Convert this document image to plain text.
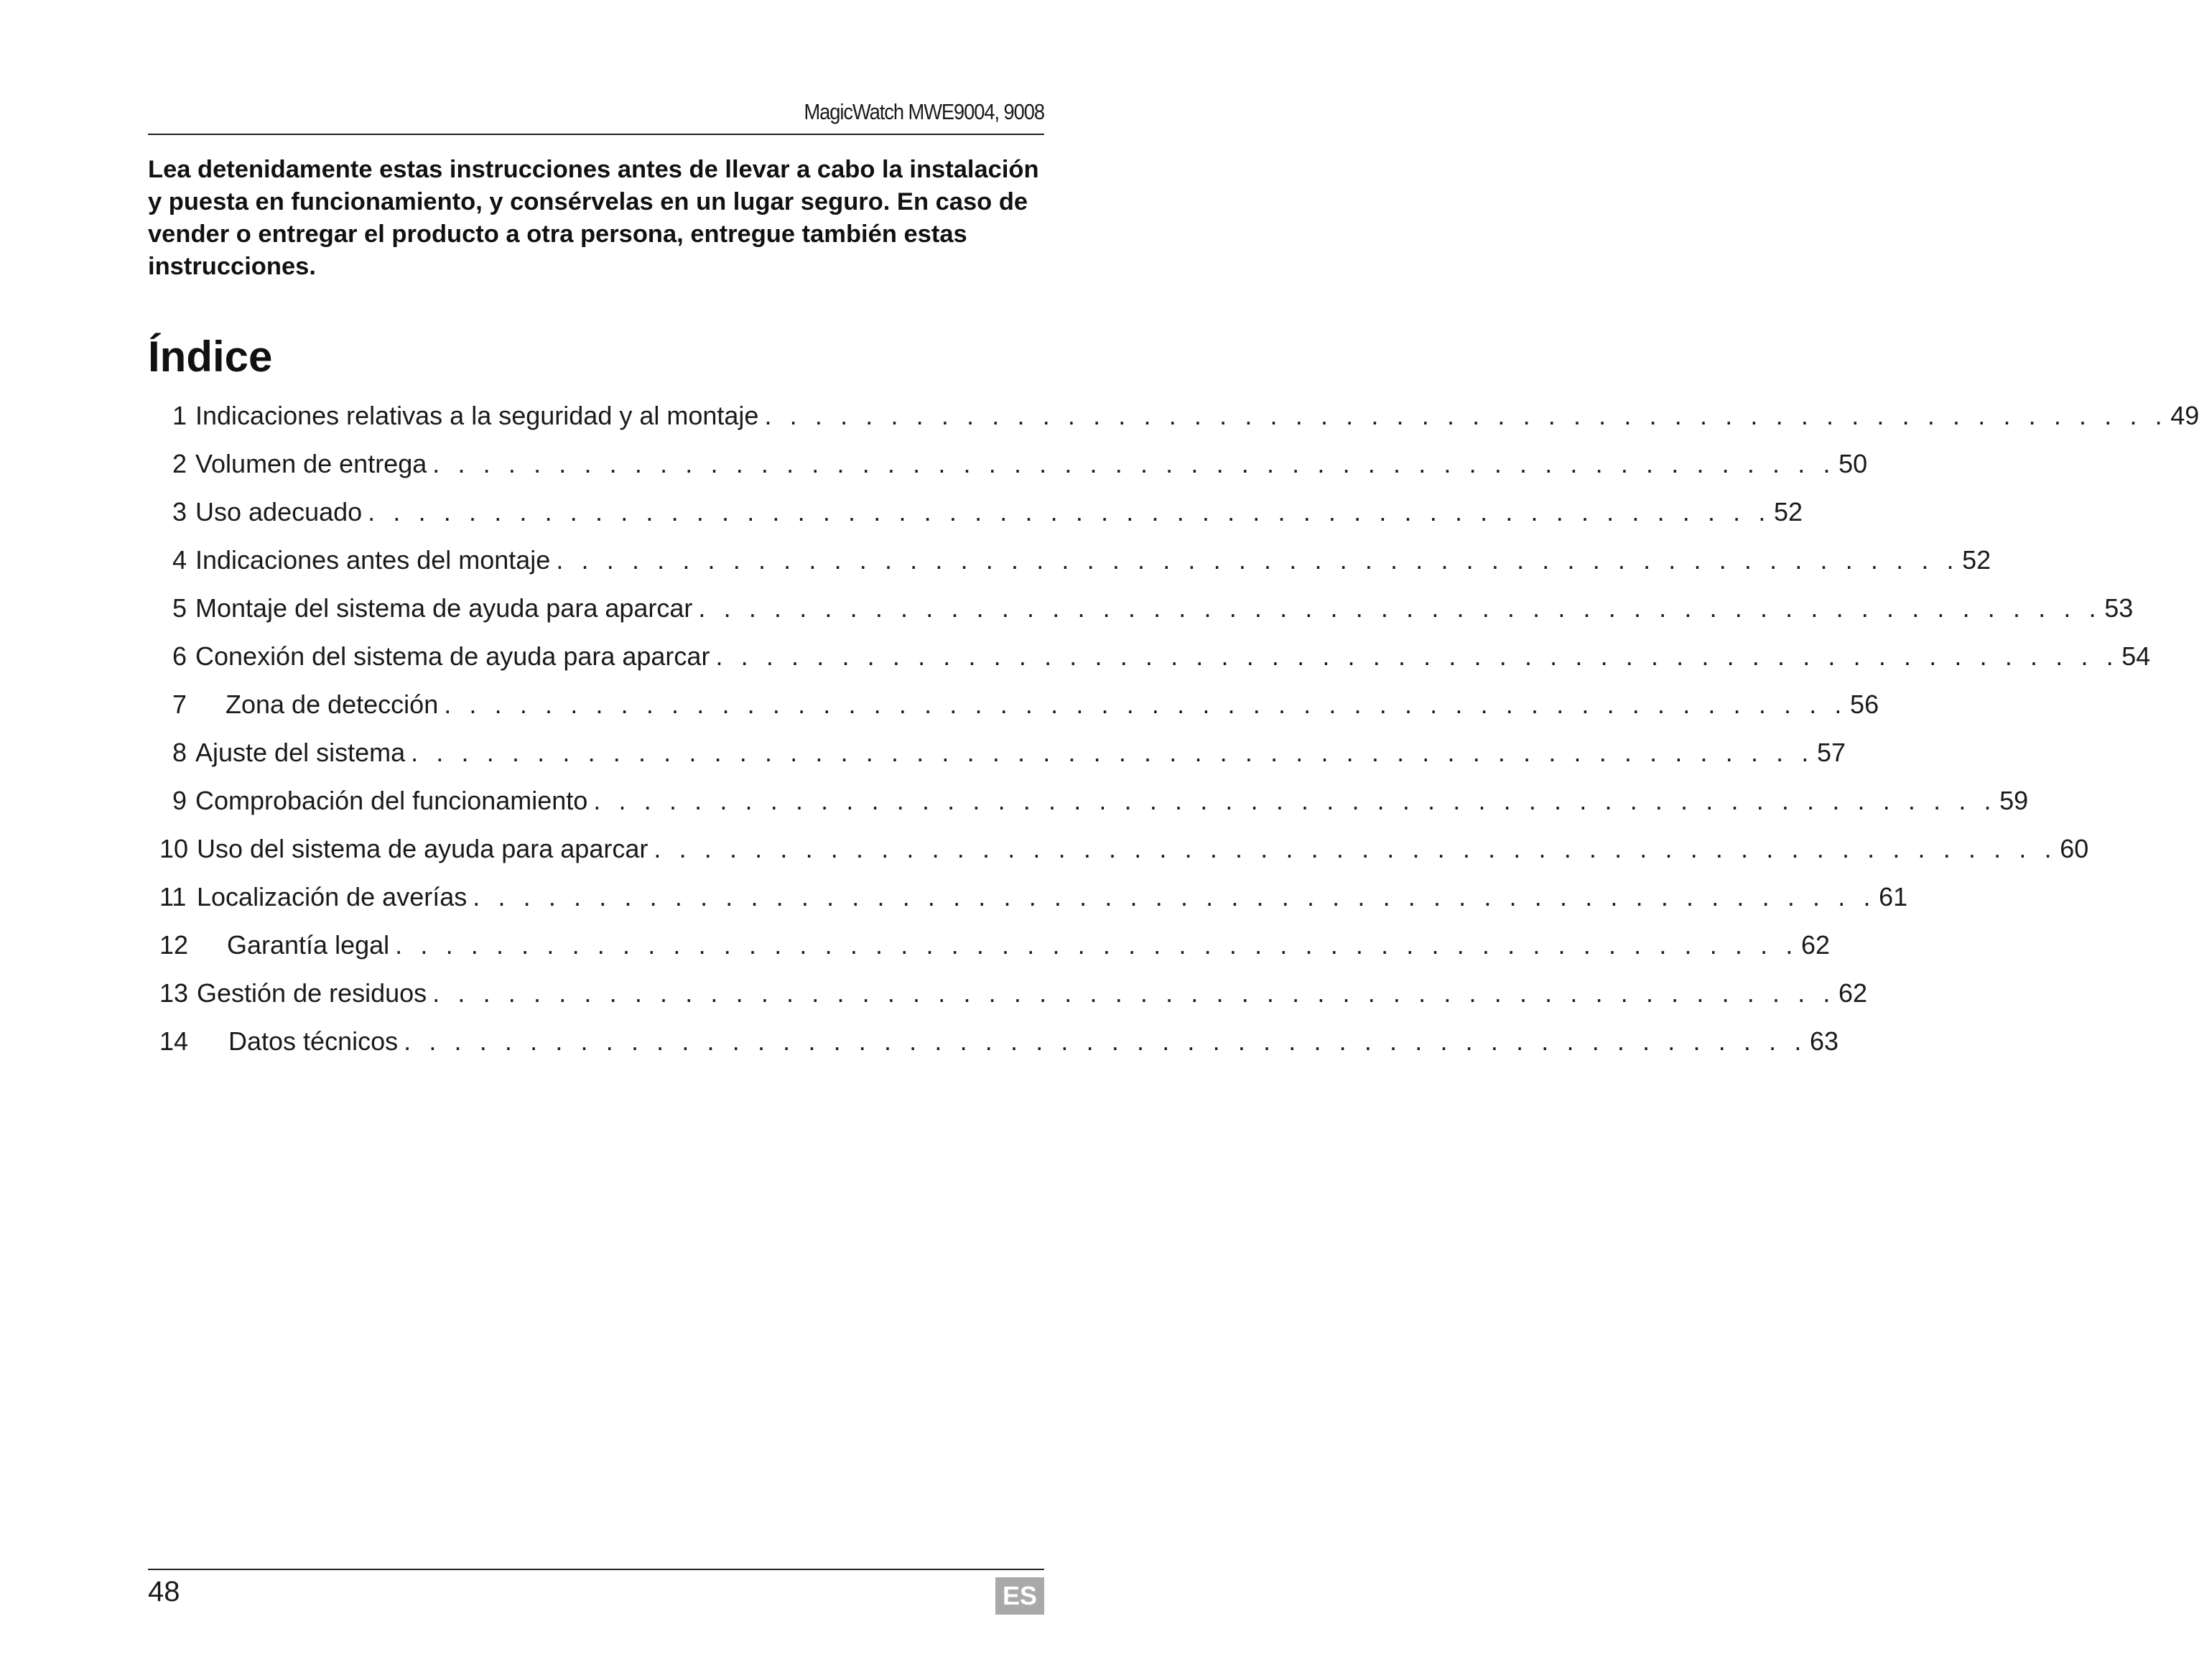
MagicWatch MWE9004, 9008

Lea detenidamente estas instrucciones antes de llevar a cabo la instalación y puesta en funcionamiento, y consérvelas en un lugar seguro. En caso de vender o entregar el producto a otra persona, entregue también estas instrucciones.

Índice
1 Indicaciones relativas a la seguridad y al montaje . . . . . . . . . . . . . . . . . . . . . . . . . . . . . . . . . . . . . . . . . . . . . . . . . . . . . . . . 49
2 Volumen de entrega . . . . . . . . . . . . . . . . . . . . . . . . . . . . . . . . . . . . . . . . . . . . . . . . . . . . . . . . 50
3 Uso adecuado . . . . . . . . . . . . . . . . . . . . . . . . . . . . . . . . . . . . . . . . . . . . . . . . . . . . . . . . 52
4 Indicaciones antes del montaje . . . . . . . . . . . . . . . . . . . . . . . . . . . . . . . . . . . . . . . . . . . . . . . . . . . . . . . . 52
5 Montaje del sistema de ayuda para aparcar . . . . . . . . . . . . . . . . . . . . . . . . . . . . . . . . . . . . . . . . . . . . . . . . . . . . . . . . 53
6 Conexión del sistema de ayuda para aparcar . . . . . . . . . . . . . . . . . . . . . . . . . . . . . . . . . . . . . . . . . . . . . . . . . . . . . . . . 54
7	Zona de detección . . . . . . . . . . . . . . . . . . . . . . . . . . . . . . . . . . . . . . . . . . . . . . . . . . . . . . . . 56
8 Ajuste del sistema . . . . . . . . . . . . . . . . . . . . . . . . . . . . . . . . . . . . . . . . . . . . . . . . . . . . . . . . 57
9 Comprobación del funcionamiento . . . . . . . . . . . . . . . . . . . . . . . . . . . . . . . . . . . . . . . . . . . . . . . . . . . . . . . . 59
10 Uso del sistema de ayuda para aparcar . . . . . . . . . . . . . . . . . . . . . . . . . . . . . . . . . . . . . . . . . . . . . . . . . . . . . . . . 60
11 Localización de averías . . . . . . . . . . . . . . . . . . . . . . . . . . . . . . . . . . . . . . . . . . . . . . . . . . . . . . . . 61
12	Garantía legal . . . . . . . . . . . . . . . . . . . . . . . . . . . . . . . . . . . . . . . . . . . . . . . . . . . . . . . . 62
13 Gestión de residuos . . . . . . . . . . . . . . . . . . . . . . . . . . . . . . . . . . . . . . . . . . . . . . . . . . . . . . . . 62
14	Datos técnicos . . . . . . . . . . . . . . . . . . . . . . . . . . . . . . . . . . . . . . . . . . . . . . . . . . . . . . . . 63
48	ES
